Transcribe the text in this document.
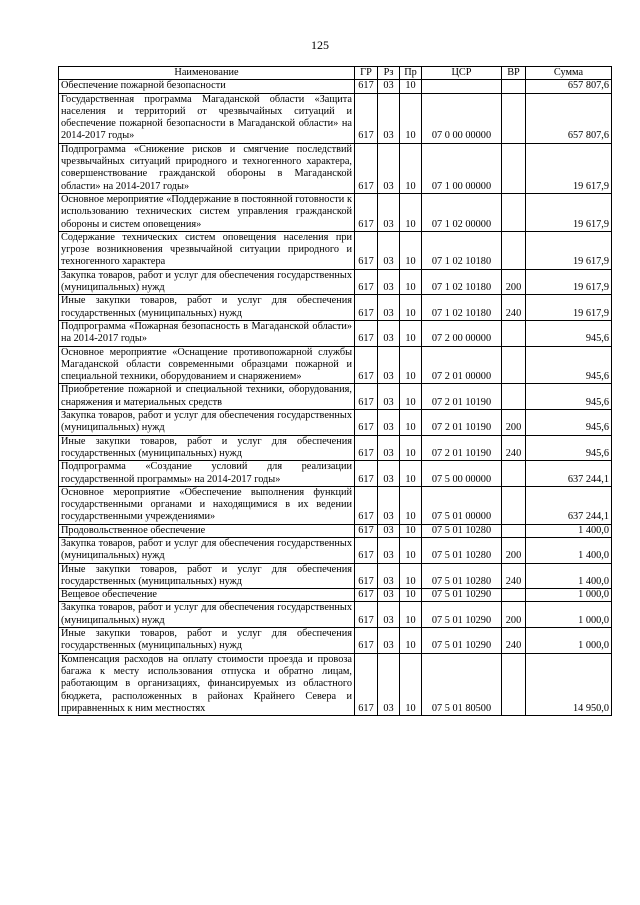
125
Наименование	ГР	Рз	Пр	ЦСР	ВР	Сумма
Обеспечение пожарной безопасности	617	03	10			657 807,6
Государственная программа Магаданской области «Защита населения и территорий от чрезвычайных ситуаций и обеспечение пожарной безопасности в Магаданской области» на 2014-2017 годы»	617	03	10	07 0 00 00000		657 807,6
Подпрограмма «Снижение рисков и смягчение последствий чрезвычайных ситуаций природного и техногенного характера, совершенствование гражданской обороны в Магаданской области» на 2014-2017 годы»	617	03	10	07 1 00 00000		19 617,9
Основное мероприятие «Поддержание в постоянной готовности к использованию технических систем управления гражданской обороны и систем оповещения»	617	03	10	07 1 02 00000		19 617,9
Содержание технических систем оповещения населения при угрозе возникновения чрезвычайной ситуации природного и техногенного характера	617	03	10	07 1 02 10180		19 617,9
Закупка товаров, работ и услуг для обеспечения государственных (муниципальных) нужд	617	03	10	07 1 02 10180	200	19 617,9
Иные закупки товаров, работ и услуг для обеспечения государственных (муниципальных) нужд	617	03	10	07 1 02 10180	240	19 617,9
Подпрограмма «Пожарная безопасность в Магаданской области» на 2014-2017 годы»	617	03	10	07 2 00 00000		945,6
Основное мероприятие «Оснащение противопожарной службы Магаданской области современными образцами пожарной и специальной техники, оборудованием и снаряжением»	617	03	10	07 2 01 00000		945,6
Приобретение пожарной и специальной техники, оборудования, снаряжения и материальных средств	617	03	10	07 2 01 10190		945,6
Закупка товаров, работ и услуг для обеспечения государственных (муниципальных) нужд	617	03	10	07 2 01 10190	200	945,6
Иные закупки товаров, работ и услуг для обеспечения государственных (муниципальных) нужд	617	03	10	07 2 01 10190	240	945,6
Подпрограмма «Создание условий для реализации государственной программы» на 2014-2017 годы»	617	03	10	07 5 00 00000		637 244,1
Основное мероприятие «Обеспечение выполнения функций государственными органами и находящимися в их ведении государственными учреждениями»	617	03	10	07 5 01 00000		637 244,1
Продовольственное обеспечение	617	03	10	07 5 01 10280		1 400,0
Закупка товаров, работ и услуг для обеспечения государственных (муниципальных) нужд	617	03	10	07 5 01 10280	200	1 400,0
Иные закупки товаров, работ и услуг для обеспечения государственных (муниципальных) нужд	617	03	10	07 5 01 10280	240	1 400,0
Вещевое обеспечение	617	03	10	07 5 01 10290		1 000,0
Закупка товаров, работ и услуг для обеспечения государственных (муниципальных) нужд	617	03	10	07 5 01 10290	200	1 000,0
Иные закупки товаров, работ и услуг для обеспечения государственных (муниципальных) нужд	617	03	10	07 5 01 10290	240	1 000,0
Компенсация расходов на оплату стоимости проезда и провоза багажа к месту использования отпуска и обратно лицам, работающим в организациях, финансируемых из областного бюджета, расположенных в районах Крайнего Севера и приравненных к ним местностях	617	03	10	07 5 01 80500		14 950,0
